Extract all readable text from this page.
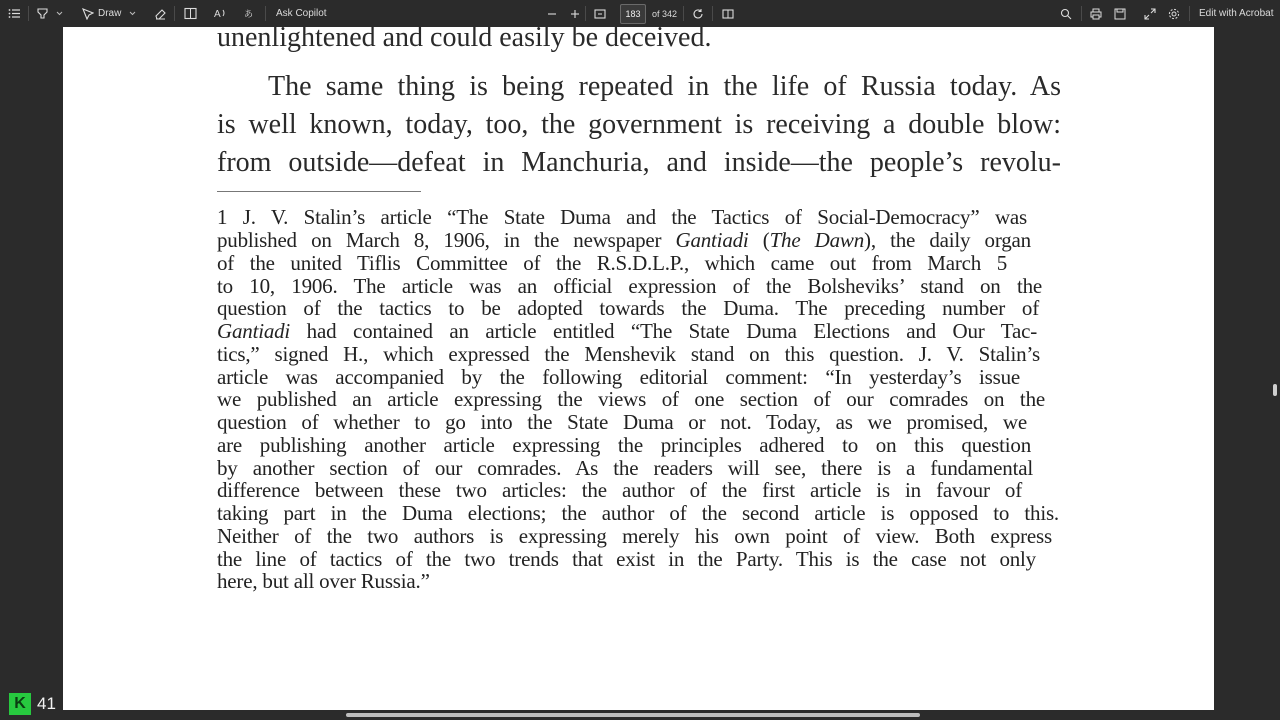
Draw	A	あ Ask Copilot	183	of 342	Edit with Acrobat
unenlightened and could easily be deceived.
The same thing is being repeated in the life of Russia today. As
is well known, today, too, the government is receiving a double blow:
from outside—defeat in Manchuria, and inside—the people’s revolu-
1 J. V. Stalin’s article “The State Duma and the Tactics of Social-Democracy” was
published on March 8, 1906, in the newspaper Gantiadi (The Dawn), the daily organ
of the united Tiflis Committee of the R.S.D.L.P., which came out from March 5
to 10, 1906. The article was an official expression of the Bolsheviks’ stand on the
question of the tactics to be adopted towards the Duma. The preceding number of
Gantiadi had contained an article entitled “The State Duma Elections and Our Tac-
tics,” signed H., which expressed the Menshevik stand on this question. J. V. Stalin’s
article was accompanied by the following editorial comment: “In yesterday’s issue
we published an article expressing the views of one section of our comrades on the
question of whether to go into the State Duma or not. Today, as we promised, we
are publishing another article expressing the principles adhered to on this question
by another section of our comrades. As the readers will see, there is a fundamental
difference between these two articles: the author of the first article is in favour of
taking part in the Duma elections; the author of the second article is opposed to this.
Neither of the two authors is expressing merely his own point of view. Both express
the line of tactics of the two trends that exist in the Party. This is the case not only
here, but all over Russia.”
K 41
